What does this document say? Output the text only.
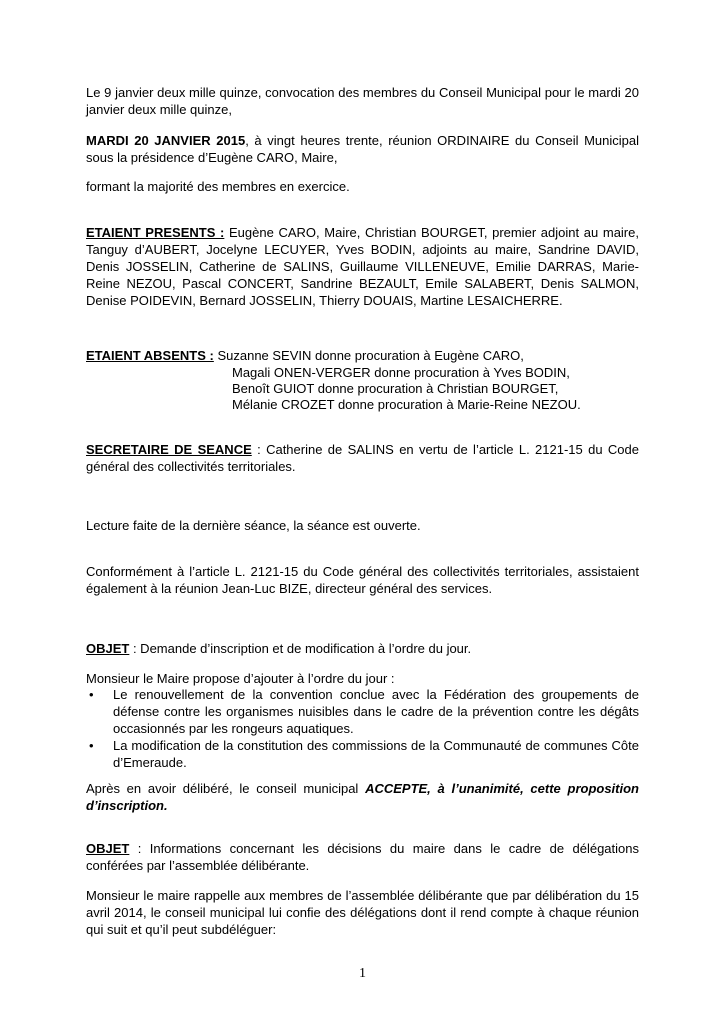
Le 9 janvier deux mille quinze, convocation des membres du Conseil Municipal pour le mardi 20 janvier deux mille quinze,

MARDI 20 JANVIER 2015, à vingt heures trente, réunion ORDINAIRE du Conseil Municipal sous la présidence d’Eugène CARO, Maire,

formant la majorité des membres en exercice.

ETAIENT PRESENTS : Eugène CARO, Maire, Christian BOURGET, premier adjoint au maire, Tanguy d’AUBERT, Jocelyne LECUYER, Yves BODIN, adjoints au maire, Sandrine DAVID, Denis JOSSELIN, Catherine de SALINS, Guillaume VILLENEUVE, Emilie DARRAS, Marie-Reine NEZOU, Pascal CONCERT, Sandrine BEZAULT, Emile SALABERT, Denis SALMON, Denise POIDEVIN, Bernard JOSSELIN, Thierry DOUAIS, Martine LESAICHERRE.

ETAIENT ABSENTS : Suzanne SEVIN donne procuration à Eugène CARO,

Magali ONEN-VERGER donne procuration à Yves BODIN,
Benoît GUIOT donne procuration à Christian BOURGET,
Mélanie CROZET donne procuration à Marie-Reine NEZOU.

SECRETAIRE DE SEANCE : Catherine de SALINS en vertu de l’article L. 2121-15 du Code général des collectivités territoriales.

Lecture faite de la dernière séance, la séance est ouverte.

Conformément à l’article L. 2121-15 du Code général des collectivités territoriales, assistaient également à la réunion Jean-Luc BIZE, directeur général des services.

OBJET : Demande d’inscription et de modification à l’ordre du jour.

Monsieur le Maire propose d’ajouter à l’ordre du jour :

• Le renouvellement de la convention conclue avec la Fédération des groupements de défense contre les organismes nuisibles dans le cadre de la prévention contre les dégâts occasionnés par les rongeurs aquatiques.
• La modification de la constitution des commissions de la Communauté de communes Côte d’Emeraude.

Après en avoir délibéré, le conseil municipal ACCEPTE, à l’unanimité, cette proposition d’inscription.

OBJET : Informations concernant les décisions du maire dans le cadre de délégations conférées par l’assemblée délibérante.

Monsieur le maire rappelle aux membres de l’assemblée délibérante que par délibération du 15 avril 2014, le conseil municipal lui confie des délégations dont il rend compte à chaque réunion qui suit et qu’il peut subdéléguer:

1
